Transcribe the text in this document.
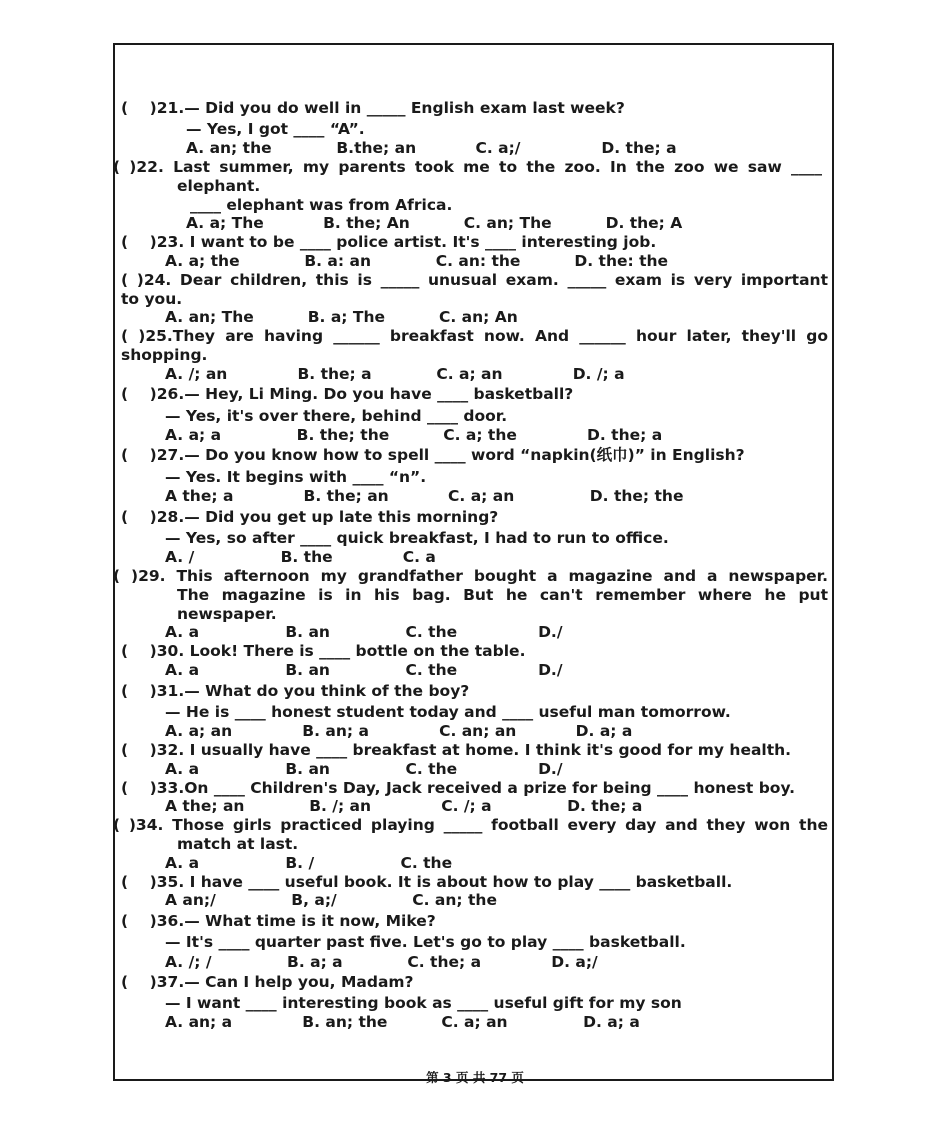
(    )21.— Did you do well in _____ English exam last week?
— Yes, I got ____ “A”.
A. an; the            B.the; an           C. a;/               D. the; a
( )22. Last summer, my parents took me to the zoo. In the zoo we saw ____
elephant.
____ elephant was from Africa.
A. a; The           B. the; An          C. an; The          D. the; A
(    )23. I want to be ____ police artist. It's ____ interesting job.
A. a; the            B. a: an            C. an: the          D. the: the
( )24. Dear children, this is _____ unusual exam. _____ exam is very important
to you.
A. an; The          B. a; The          C. an; An
( )25.They are having ______ breakfast now. And ______ hour later, they'll go
shopping.
A. /; an             B. the; a            C. a; an             D. /; a
(    )26.— Hey, Li Ming. Do you have ____ basketball?
— Yes, it's over there, behind ____ door.
A. a; a              B. the; the          C. a; the             D. the; a
(    )27.— Do you know how to spell ____ word “napkin(纸巾)” in English?
— Yes. It begins with ____ “n”.
A the; a             B. the; an           C. a; an              D. the; the
(    )28.— Did you get up late this morning?
— Yes, so after ____ quick breakfast, I had to run to office.
A. /                B. the             C. a
( )29. This afternoon my grandfather bought a magazine and a newspaper.
The magazine is in his bag. But he can't remember where he put
newspaper.
A. a                B. an              C. the               D./
(    )30. Look! There is ____ bottle on the table.
A. a                B. an              C. the               D./
(    )31.— What do you think of the boy?
— He is ____ honest student today and ____ useful man tomorrow.
A. a; an             B. an; a             C. an; an           D. a; a
(    )32. I usually have ____ breakfast at home. I think it's good for my health.
A. a                B. an              C. the               D./
(    )33.On ____ Children's Day, Jack received a prize for being ____ honest boy.
A the; an            B. /; an             C. /; a              D. the; a
( )34. Those girls practiced playing _____ football every day and they won the
match at last.
A. a                B. /                C. the
(    )35. I have ____ useful book. It is about how to play ____ basketball.
A an;/              B, a;/              C. an; the
(    )36.— What time is it now, Mike?
— It's ____ quarter past five. Let's go to play ____ basketball.
A. /; /              B. a; a            C. the; a             D. a;/
(    )37.— Can I help you, Madam?
— I want ____ interesting book as ____ useful gift for my son
A. an; a             B. an; the          C. a; an              D. a; a
第 3 页 共 77 页
